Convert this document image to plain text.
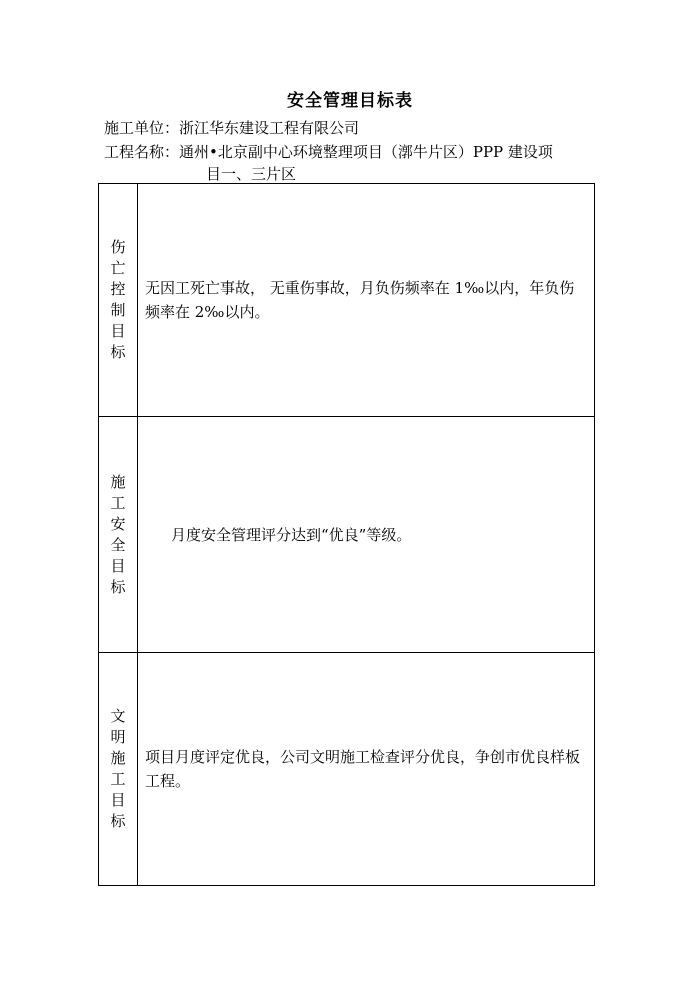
安全管理目标表
施工单位：浙江华东建设工程有限公司
工程名称：通州•北京副中心环境整理项目（漷牛片区）PPP 建设项
目一、三片区
伤亡控制目标
无因工死亡事故， 无重伤事故，月负伤频率在 1‰以内，年负伤频率在 2‰以内。
施工安全目标
月度安全管理评分达到“优良”等级。
文明施工目标
项目月度评定优良，公司文明施工检查评分优良，争创市优良样板工程。
